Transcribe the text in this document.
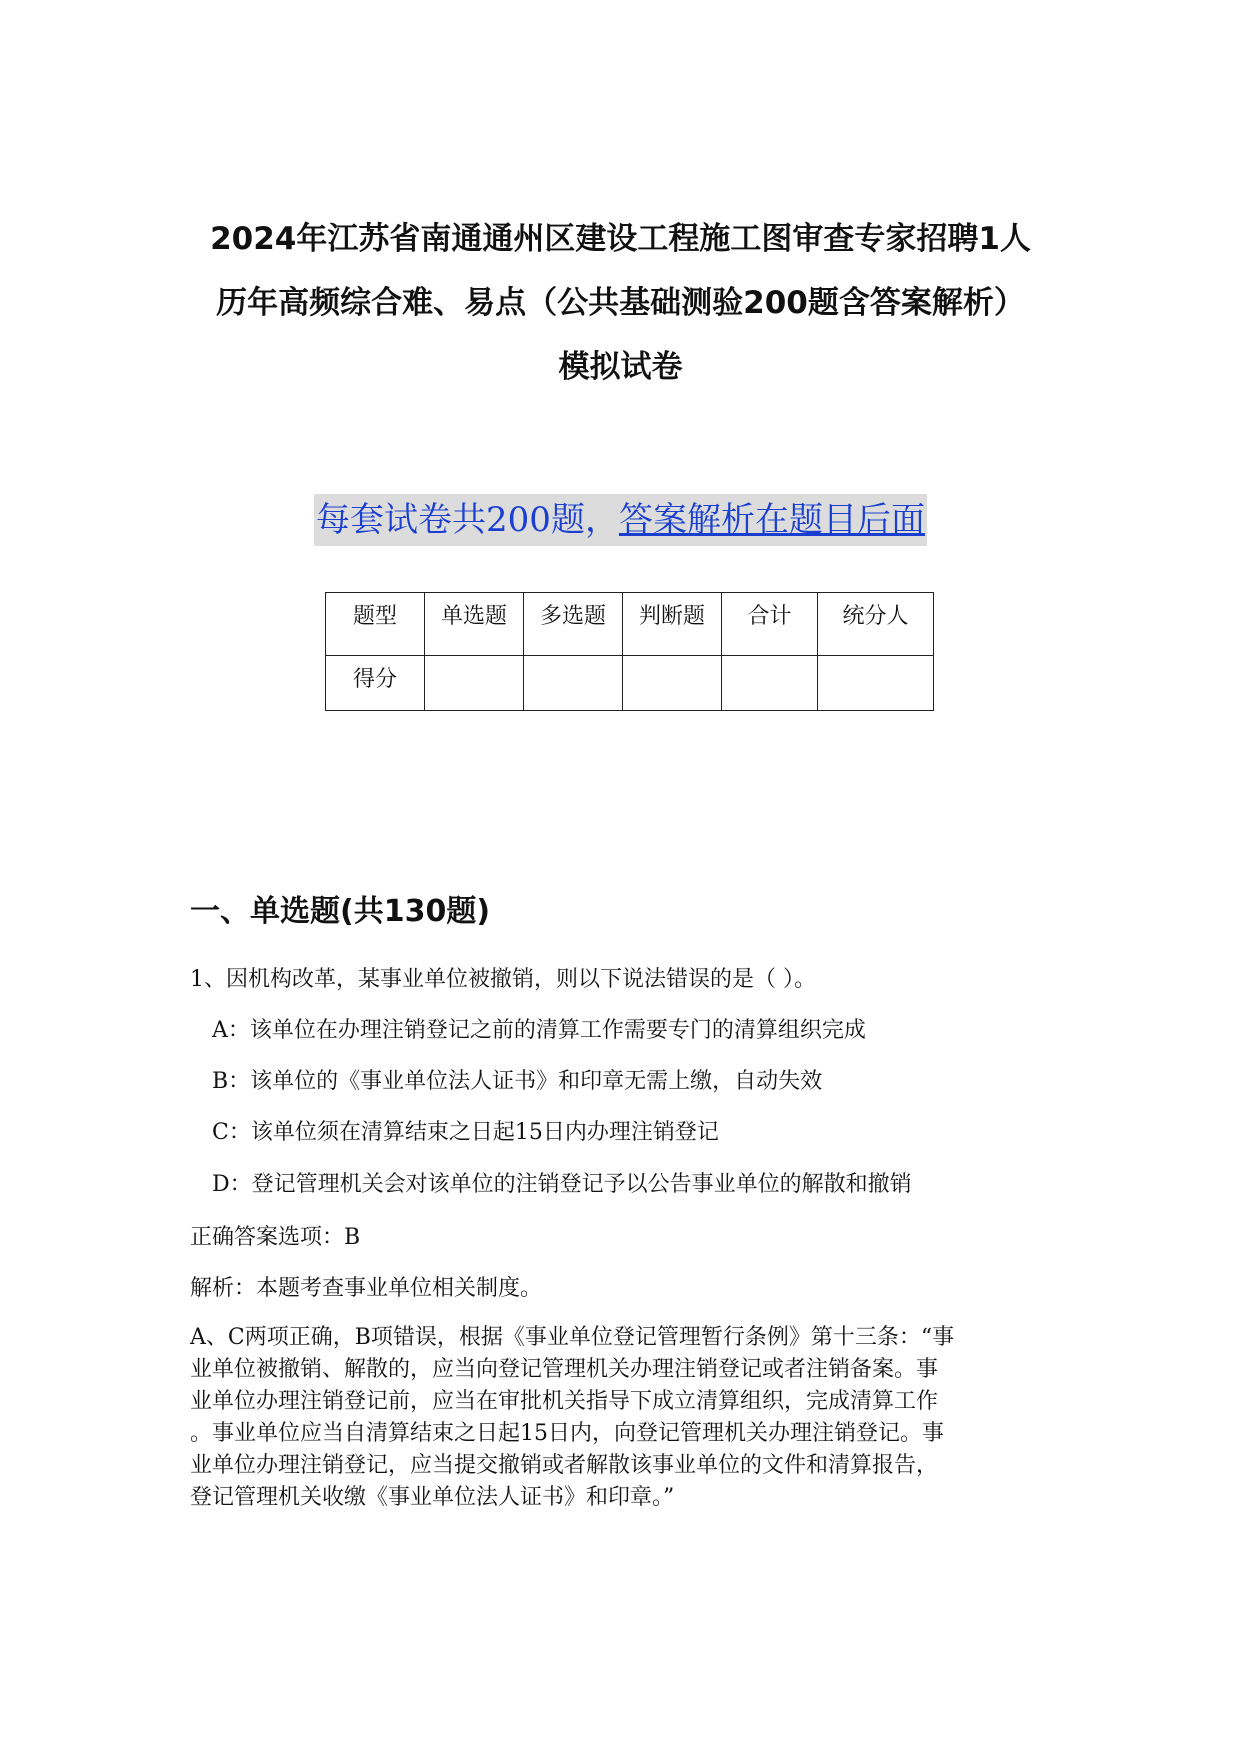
2024年江苏省南通通州区建设工程施工图审查专家招聘1人
历年高频综合难、易点（公共基础测验200题含答案解析）
模拟试卷
每套试卷共200题，答案解析在题目后面
题型	单选题	多选题	判断题	合计	统分人
得分					
一、单选题(共130题)
1、因机构改革，某事业单位被撤销，则以下说法错误的是（ ）。
A：该单位在办理注销登记之前的清算工作需要专门的清算组织完成
B：该单位的《事业单位法人证书》和印章无需上缴，自动失效
C：该单位须在清算结束之日起15日内办理注销登记
D：登记管理机关会对该单位的注销登记予以公告事业单位的解散和撤销
正确答案选项：B
解析：本题考查事业单位相关制度。

A、C两项正确，B项错误，根据《事业单位登记管理暂行条例》第十三条：“事
业单位被撤销、解散的，应当向登记管理机关办理注销登记或者注销备案。事
业单位办理注销登记前，应当在审批机关指导下成立清算组织，完成清算工作
。事业单位应当自清算结束之日起15日内，向登记管理机关办理注销登记。事
业单位办理注销登记，应当提交撤销或者解散该事业单位的文件和清算报告，
登记管理机关收缴《事业单位法人证书》和印章。”
